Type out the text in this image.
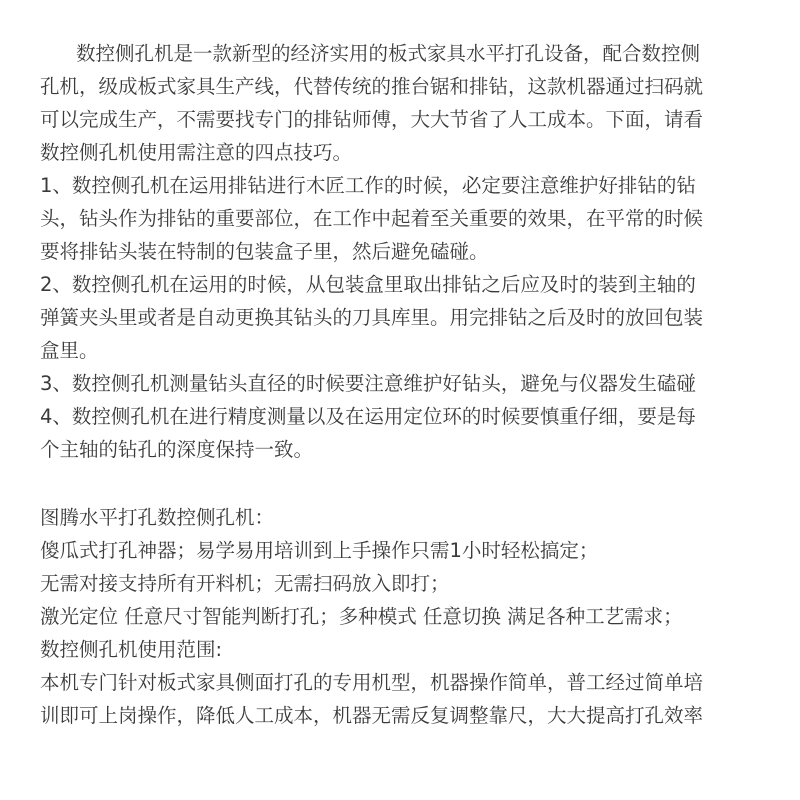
数控侧孔机是一款新型的经济实用的板式家具水平打孔设备，配合数控侧
孔机，级成板式家具生产线，代替传统的推台锯和排钻，这款机器通过扫码就
可以完成生产，不需要找专门的排钻师傅，大大节省了人工成本。下面，请看
数控侧孔机使用需注意的四点技巧。
1、数控侧孔机在运用排钻进行木匠工作的时候，必定要注意维护好排钻的钻
头，钻头作为排钻的重要部位，在工作中起着至关重要的效果，在平常的时候
要将排钻头装在特制的包装盒子里，然后避免磕碰。
2、数控侧孔机在运用的时候，从包装盒里取出排钻之后应及时的装到主轴的
弹簧夹头里或者是自动更换其钻头的刀具库里。用完排钻之后及时的放回包装
盒里。
3、数控侧孔机测量钻头直径的时候要注意维护好钻头，避免与仪器发生磕碰
4、数控侧孔机在进行精度测量以及在运用定位环的时候要慎重仔细，要是每
个主轴的钻孔的深度保持一致。
图腾水平打孔数控侧孔机：
傻瓜式打孔神器；易学易用培训到上手操作只需1小时轻松搞定；
无需对接支持所有开料机；无需扫码放入即打；
激光定位 任意尺寸智能判断打孔；多种模式 任意切换 满足各种工艺需求；
数控侧孔机使用范围:
本机专门针对板式家具侧面打孔的专用机型，机器操作简单，普工经过简单培
训即可上岗操作，降低人工成本，机器无需反复调整靠尺，大大提高打孔效率
